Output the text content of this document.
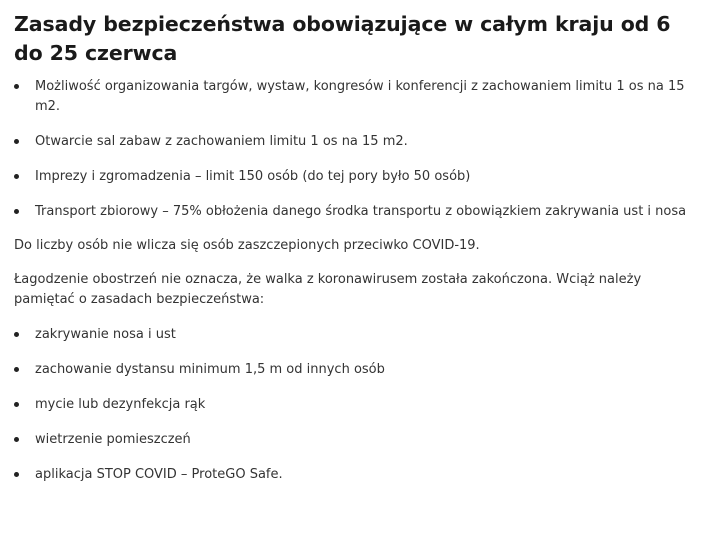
Zasady bezpieczeństwa obowiązujące w całym kraju od 6 do 25 czerwca
Możliwość organizowania targów, wystaw, kongresów i konferencji z zachowaniem limitu 1 os na 15 m2.
Otwarcie sal zabaw z zachowaniem limitu 1 os na 15 m2.
Imprezy i zgromadzenia – limit 150 osób (do tej pory było 50 osób)
Transport zbiorowy – 75% obłożenia danego środka transportu z obowiązkiem zakrywania ust i nosa

Do liczby osób nie wlicza się osób zaszczepionych przeciwko COVID-19.

Łagodzenie obostrzeń nie oznacza, że walka z koronawirusem została zakończona. Wciąż należy pamiętać o zasadach bezpieczeństwa:

zakrywanie nosa i ust
zachowanie dystansu minimum 1,5 m od innych osób
mycie lub dezynfekcja rąk
wietrzenie pomieszczeń
aplikacja STOP COVID – ProteGO Safe.
